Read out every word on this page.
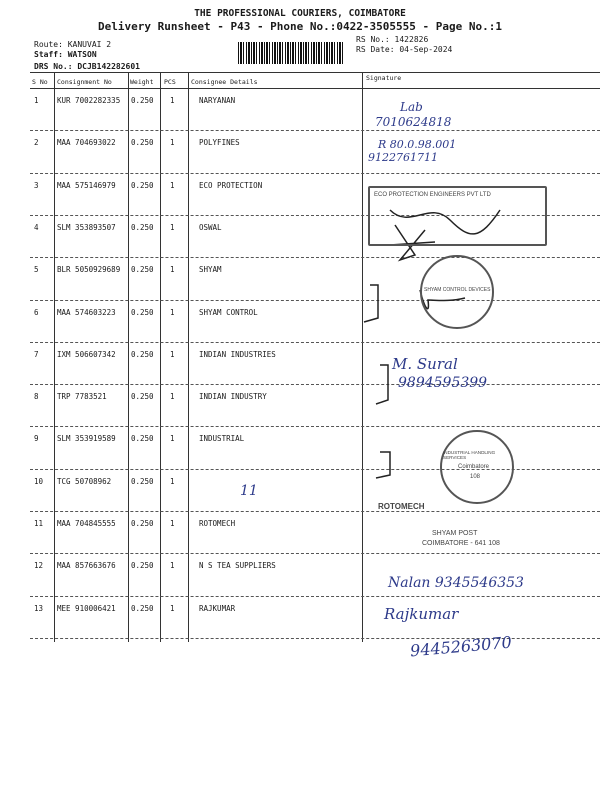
THE PROFESSIONAL COURIERS, COIMBATORE
Delivery Runsheet - P43 - Phone No.:0422-3505555 - Page No.:1
Route: KANUVAI 2
Staff: WATSON
DRS No.: DCJB142282601
RS No.: 1422826
RS Date: 04-Sep-2024
S No Consignment No	Weight PCS Consignee Details	Signature
1 KUR 7002282335 0.250 1	NARYANAN
2 MAA 704693022 0.250 1	POLYFINES
3 MAA 575146979 0.250 1	ECO PROTECTION
4 SLM 353893507 0.250 1	OSWAL
5 BLR 5050929689 0.250 1	SHYAM
6 MAA 574603223 0.250 1	SHYAM CONTROL
7 IXM 506607342 0.250 1	INDIAN INDUSTRIES
8 TRP 7783521	0.250 1	INDIAN INDUSTRY
9 SLM 353919589 0.250 1	INDUSTRIAL
10 TCG 50708962	0.250 1
11 MAA 704845555 0.250 1	ROTOMECH
12 MAA 857663676 0.250 1	N S TEA SUPPLIERS
13 MEE 910006421 0.250 1	RAJKUMAR
Lab
7010624818
R 80.0.98.001
9122761711
M. Sural
9894595399
11
Nalan 9345546353
Rajkumar
9445263070
ECO PROTECTION ENGINEERS PVT LTD
SHYAM CONTROL DEVICES
INDUSTRIAL HANDLING SERVICES
Coimbatore
108
ROTOMECH
SHYAM POST
COIMBATORE - 641 108
